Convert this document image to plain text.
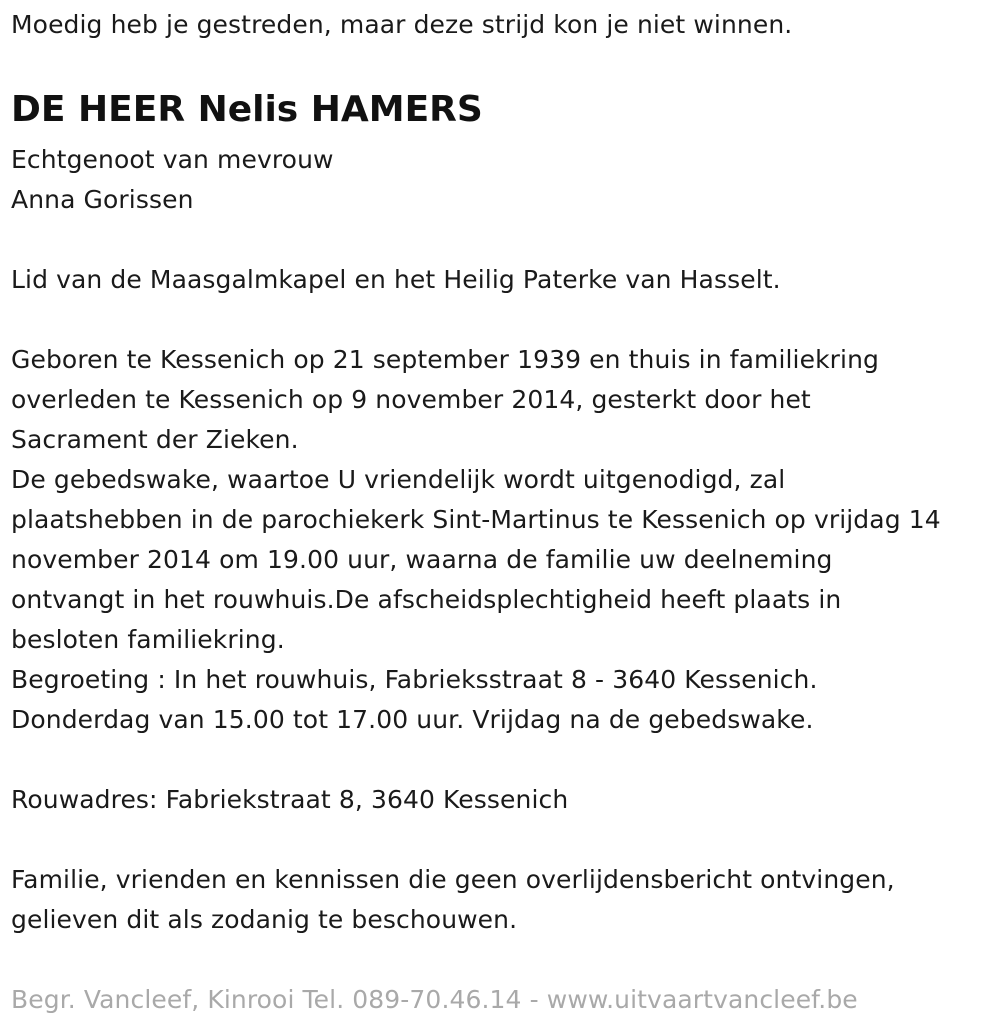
Moedig heb je gestreden, maar deze strijd kon je niet winnen.
DE HEER Nelis HAMERS
Echtgenoot van mevrouw
Anna Gorissen
Lid van de Maasgalmkapel en het Heilig Paterke van Hasselt.
Geboren te Kessenich op 21 september 1939 en thuis in familiekring
overleden te Kessenich op 9 november 2014, gesterkt door het
Sacrament der Zieken.
De gebedswake, waartoe U vriendelijk wordt uitgenodigd, zal
plaatshebben in de parochiekerk Sint-Martinus te Kessenich op vrijdag 14
november 2014 om 19.00 uur, waarna de familie uw deelneming
ontvangt in het rouwhuis.De afscheidsplechtigheid heeft plaats in
besloten familiekring.
Begroeting : In het rouwhuis, Fabrieksstraat 8 - 3640 Kessenich.
Donderdag van 15.00 tot 17.00 uur. Vrijdag na de gebedswake.
Rouwadres: Fabriekstraat 8, 3640 Kessenich
Familie, vrienden en kennissen die geen overlijdensbericht ontvingen,
gelieven dit als zodanig te beschouwen.
Begr. Vancleef, Kinrooi Tel. 089-70.46.14 - www.uitvaartvancleef.be
